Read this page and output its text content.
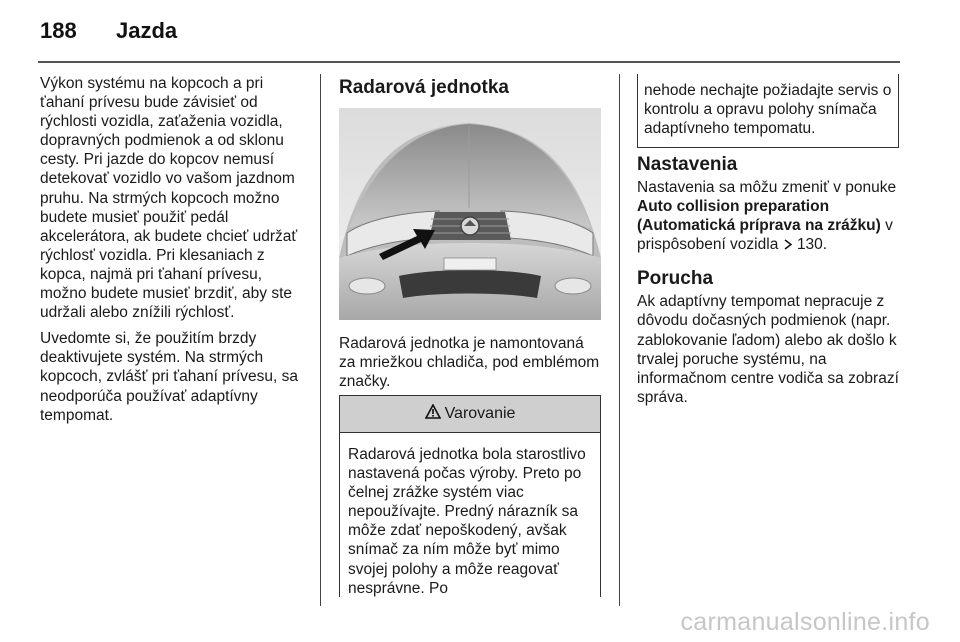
188 Jazda

Výkon systému na kopcoch a pri ťahaní prívesu bude závisieť od rýchlosti vozidla, zaťaženia vozidla, dopravných podmienok a od sklonu cesty. Pri jazde do kopcov nemusí detekovať vozidlo vo vašom jazdnom pruhu. Na strmých kopcoch možno budete musieť použiť pedál akcelerátora, ak budete chcieť udržať rýchlosť vozidla. Pri klesaniach z kopca, najmä pri ťahaní prívesu, možno budete musieť brzdiť, aby ste udržali alebo znížili rýchlosť.

Uvedomte si, že použitím brzdy deaktivujete systém. Na strmých kopcoch, zvlášť pri ťahaní prívesu, sa neodporúča používať adaptívny tempomat.

Radarová jednotka

Radarová jednotka je namontovaná za mriežkou chladiča, pod emblémom značky.

Varovanie
Radarová jednotka bola starostlivo nastavená počas výroby. Preto po čelnej zrážke systém viac nepoužívajte. Predný nárazník sa môže zdať nepoškodený, avšak snímač za ním môže byť mimo svojej polohy a môže reagovať nesprávne. Po
nehode nechajte požiadajte servis o kontrolu a opravu polohy snímača adaptívneho tempomatu.
Nastavenia

Nastavenia sa môžu zmeniť v ponuke Auto collision preparation (Automatická príprava na zrážku) v prispôsobení vozidla  130.

Porucha

Ak adaptívny tempomat nepracuje z dôvodu dočasných podmienok (napr. zablokovanie ľadom) alebo ak došlo k trvalej poruche systému, na informačnom centre vodiča sa zobrazí správa.

carmanualsonline.info
